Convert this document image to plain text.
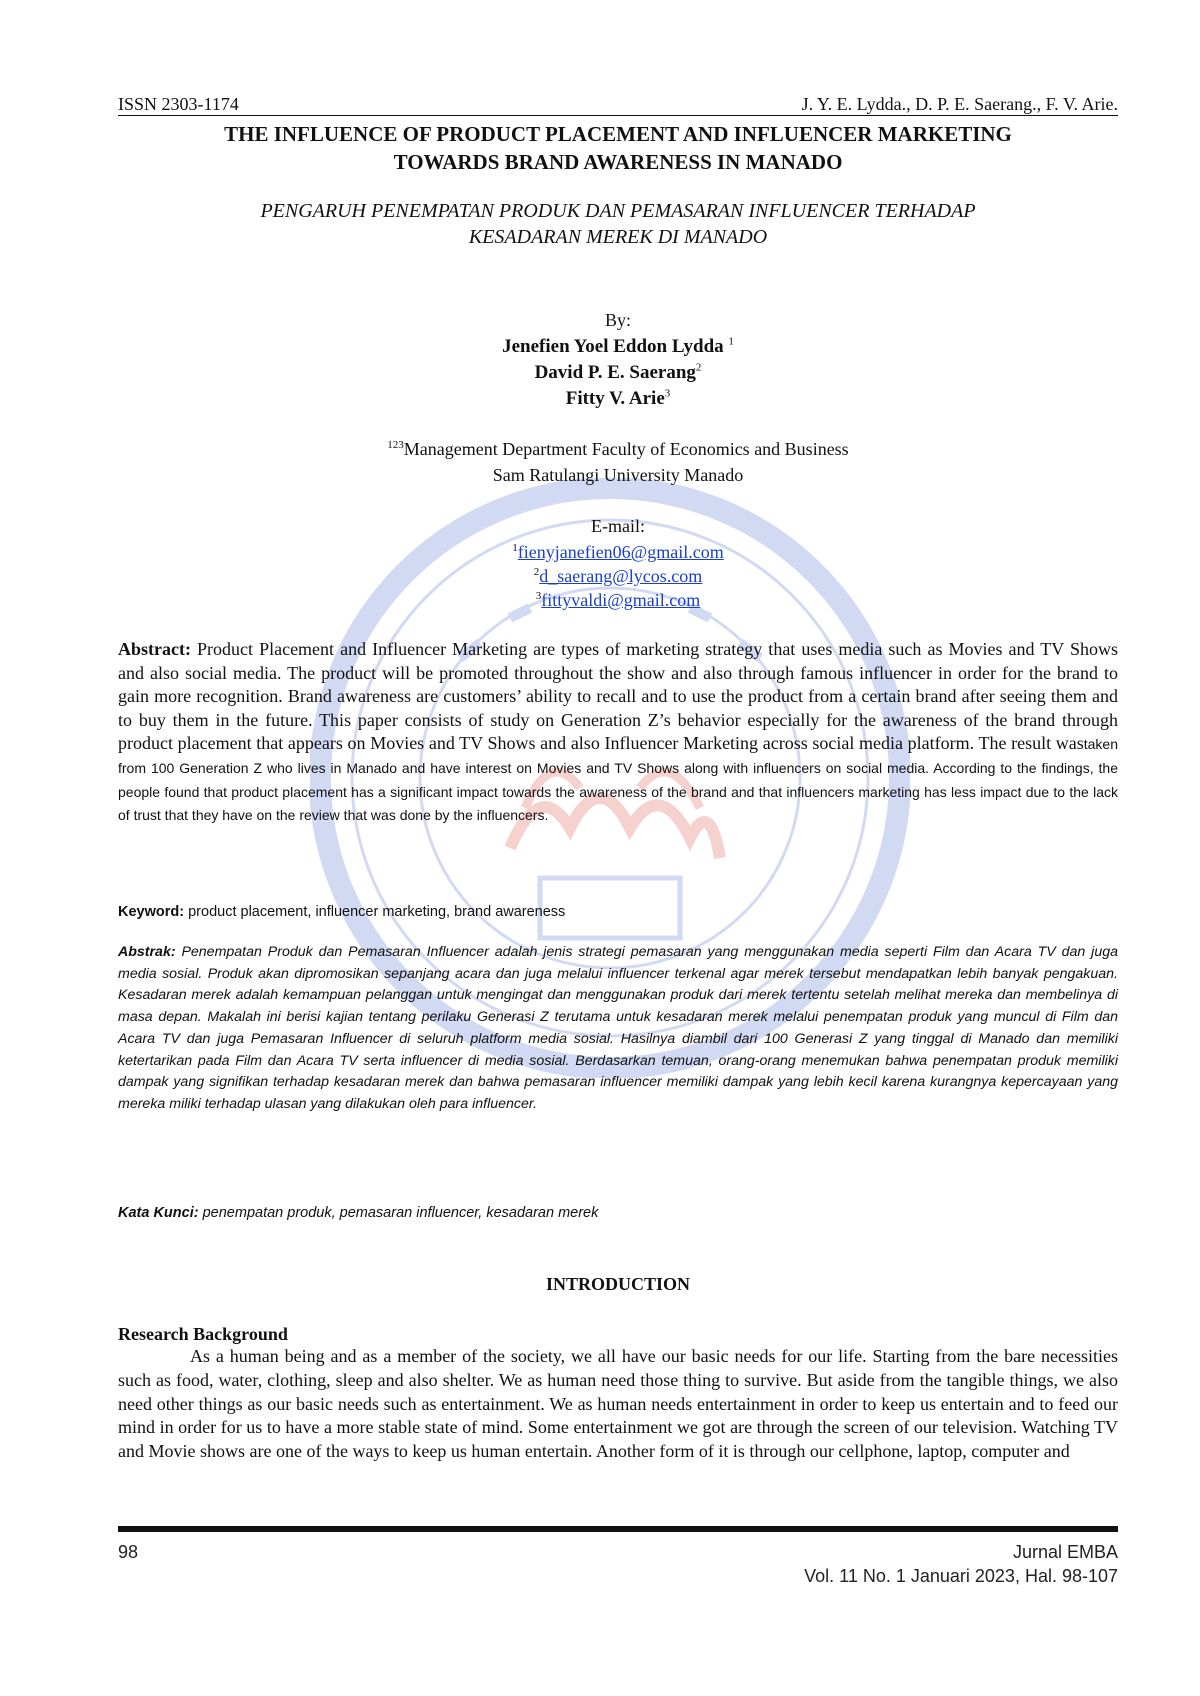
ISSN 2303-1174	J. Y. E. Lydda., D. P. E. Saerang., F. V. Arie.
THE INFLUENCE OF PRODUCT PLACEMENT AND INFLUENCER MARKETING
TOWARDS BRAND AWARENESS IN MANADO
PENGARUH PENEMPATAN PRODUK DAN PEMASARAN INFLUENCER TERHADAP
KESADARAN MEREK DI MANADO
By:
Jenefien Yoel Eddon Lydda $^1$
David P. E. Saerang$^2$
Fitty V. Arie$^3$
$^{123}$Management Department Faculty of Economics and Business
Sam Ratulangi University Manado
E-mail:
$^1$fienyjanefien06@gmail.com
$^2$d_saerang@lycos.com
$^3$fittyvaldi@gmail.com

Abstract: Product Placement and Influencer Marketing are types of marketing strategy that uses media such as Movies and TV Shows and also social media. The product will be promoted throughout the show and also through famous influencer in order for the brand to gain more recognition. Brand awareness are customers’ ability to recall and to use the product from a certain brand after seeing them and to buy them in the future. This paper consists of study on Generation Z’s behavior especially for the awareness of the brand through product placement that appears on Movies and TV Shows and also Influencer Marketing across social media platform. The result wastaken from 100 Generation Z who lives in Manado and have interest on Movies and TV Shows along with influencers on social media. According to the findings, the people found that product placement has a significant impact towards the awareness of the brand and that influencers marketing has less impact due to the lack of trust that they have on the review that was done by the influencers.

Keyword: product placement, influencer marketing, brand awareness
Abstrak: Penempatan Produk dan Pemasaran Influencer adalah jenis strategi pemasaran yang menggunakan media seperti Film dan Acara TV dan juga media sosial. Produk akan dipromosikan sepanjang acara dan juga melalui influencer terkenal agar merek tersebut mendapatkan lebih banyak pengakuan. Kesadaran merek adalah kemampuan pelanggan untuk mengingat dan menggunakan produk dari merek tertentu setelah melihat mereka dan membelinya di masa depan. Makalah ini berisi kajian tentang perilaku Generasi Z terutama untuk kesadaran merek melalui penempatan produk yang muncul di Film dan Acara TV dan juga Pemasaran Influencer di seluruh platform media sosial. Hasilnya diambil dari 100 Generasi Z yang tinggal di Manado dan memiliki ketertarikan pada Film dan Acara TV serta influencer di media sosial. Berdasarkan temuan, orang-orang menemukan bahwa penempatan produk memiliki dampak yang signifikan terhadap kesadaran merek dan bahwa pemasaran influencer memiliki dampak yang lebih kecil karena kurangnya kepercayaan yang mereka miliki terhadap ulasan yang dilakukan oleh para influencer.
Kata Kunci: penempatan produk, pemasaran influencer, kesadaran merek
INTRODUCTION
Research Background
As a human being and as a member of the society, we all have our basic needs for our life. Starting from the bare necessities such as food, water, clothing, sleep and also shelter. We as human need those thing to survive. But aside from the tangible things, we also need other things as our basic needs such as entertainment. We as human needs entertainment in order to keep us entertain and to feed our mind in order for us to have a more stable state of mind. Some entertainment we got are through the screen of our television. Watching TV and Movie shows are one of the ways to keep us human entertain. Another form of it is through our cellphone, laptop, computer and
98	Jurnal EMBA
Vol. 11 No. 1 Januari 2023, Hal. 98-107
